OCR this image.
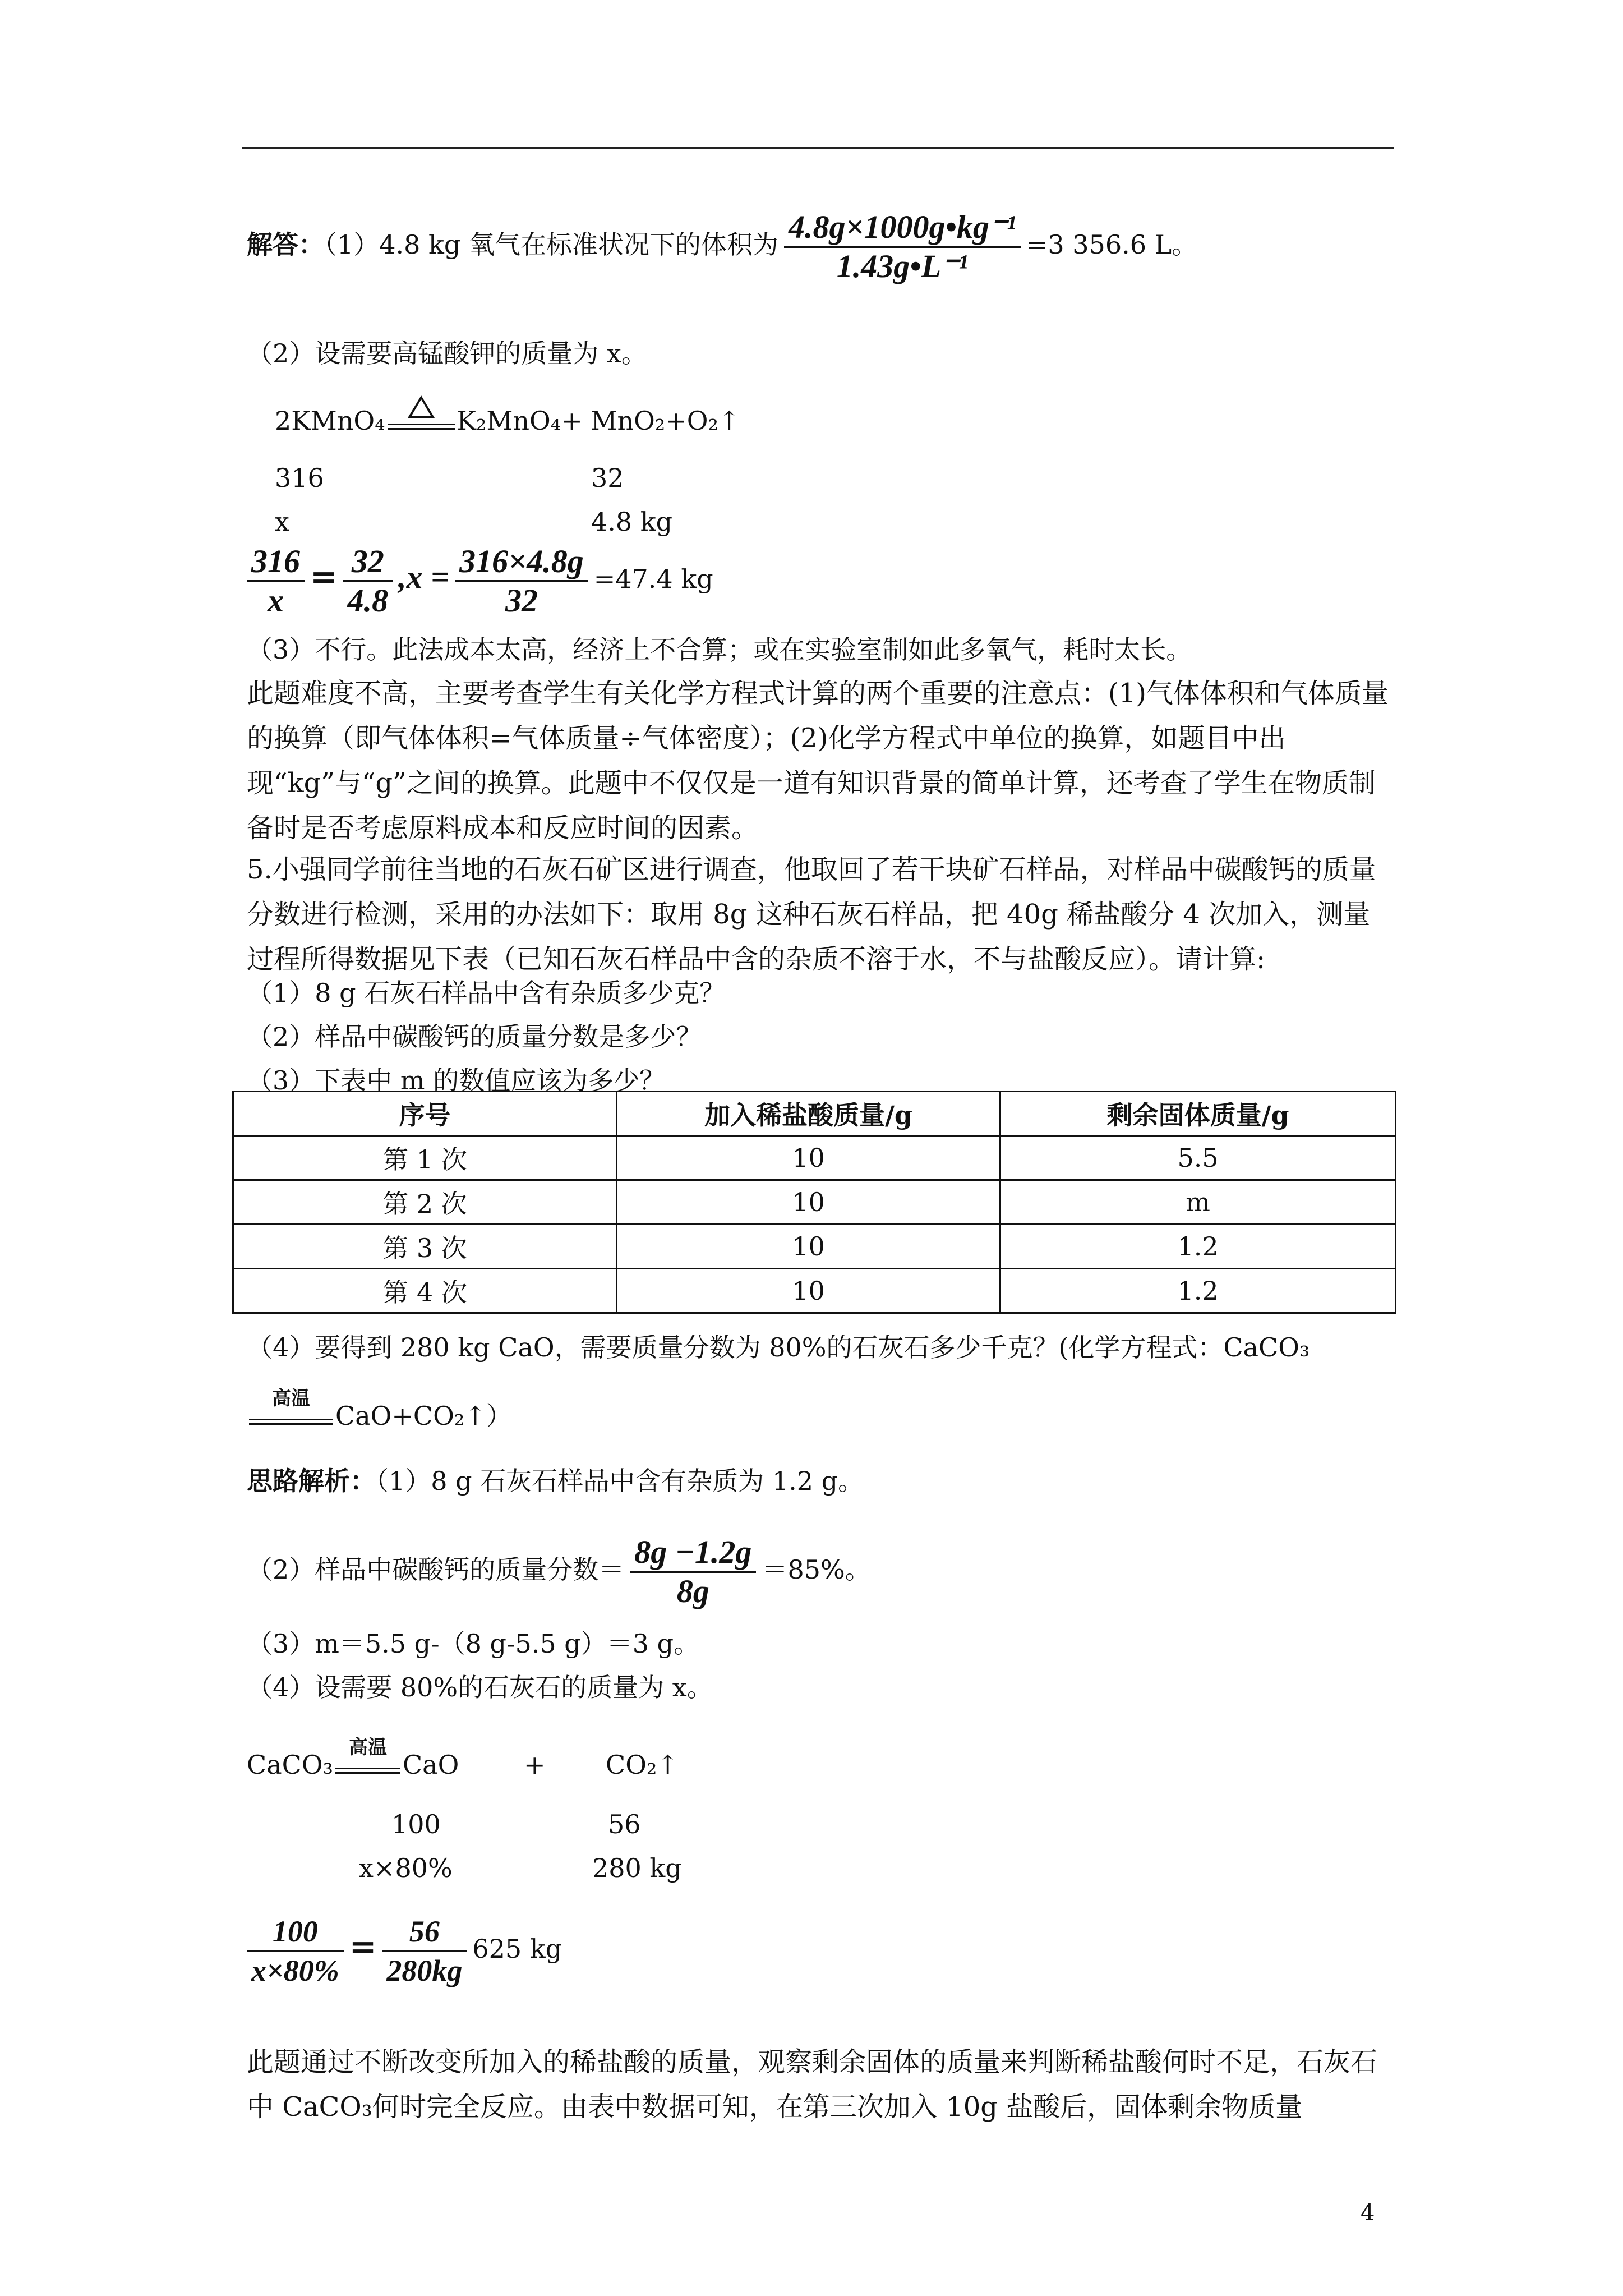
解答：（1）4.8 kg 氧气在标准状况下的体积为 $\frac{\text{4.8g×1000g•kg⁻¹}}{\text{1.43g•L⁻¹}} =3$ 356.6 L。
（2）设需要高锰酸钾的质量为 x。
2KMnO₄	K₂MnO₄+ MnO₂+O₂↑
316	32
x	4.8 kg
$\frac{316}{x} = \frac{32}{4.8} ,x = \frac{316\times 4.8g}{32} =47.4$ kg
（3）不行。此法成本太高，经济上不合算；或在实验室制如此多氧气，耗时太长。
此题难度不高，主要考查学生有关化学方程式计算的两个重要的注意点：(1)气体体积和气体质量的换算（即气体体积=气体质量÷气体密度）；(2)化学方程式中单位的换算，如题目中出现“kg”与“g”之间的换算。此题中不仅仅是一道有知识背景的简单计算，还考查了学生在物质制备时是否考虑原料成本和反应时间的因素。
5.小强同学前往当地的石灰石矿区进行调查，他取回了若干块矿石样品，对样品中碳酸钙的质量分数进行检测，采用的办法如下：取用 8g 这种石灰石样品，把 40g 稀盐酸分 4 次加入，测量过程所得数据见下表（已知石灰石样品中含的杂质不溶于水，不与盐酸反应）。请计算:
（1）8 g 石灰石样品中含有杂质多少克？
（2）样品中碳酸钙的质量分数是多少？
（3）下表中 m 的数值应该为多少？
序号	加入稀盐酸质量/g	剩余固体质量/g
第 1 次	10	5.5
第 2 次	10	m
第 3 次	10	1.2
第 4 次	10	1.2
（4）要得到 280 kg CaO，需要质量分数为 80%的石灰石多少千克？(化学方程式：CaCO₃
高温
CaO+CO₂↑）
思路解析：（1）8 g 石灰石样品中含有杂质为 1.2 g。
（2）样品中碳酸钙的质量分数＝ $\frac{8g -1.2g}{8g} =85\%$。
（3）m＝5.5 g-（8 g-5.5 g）＝3 g。
（4）设需要 80%的石灰石的质量为 x。
CaCO₃
高温
CaO	+ CO₂↑
100	56
x×80%	280 kg
$\frac{100}{x\times 80\%} = \frac{56}{280kg} 625$ kg
此题通过不断改变所加入的稀盐酸的质量，观察剩余固体的质量来判断稀盐酸何时不足，石灰石中 CaCO₃何时完全反应。由表中数据可知，在第三次加入 10g 盐酸后，固体剩余物质量
4
